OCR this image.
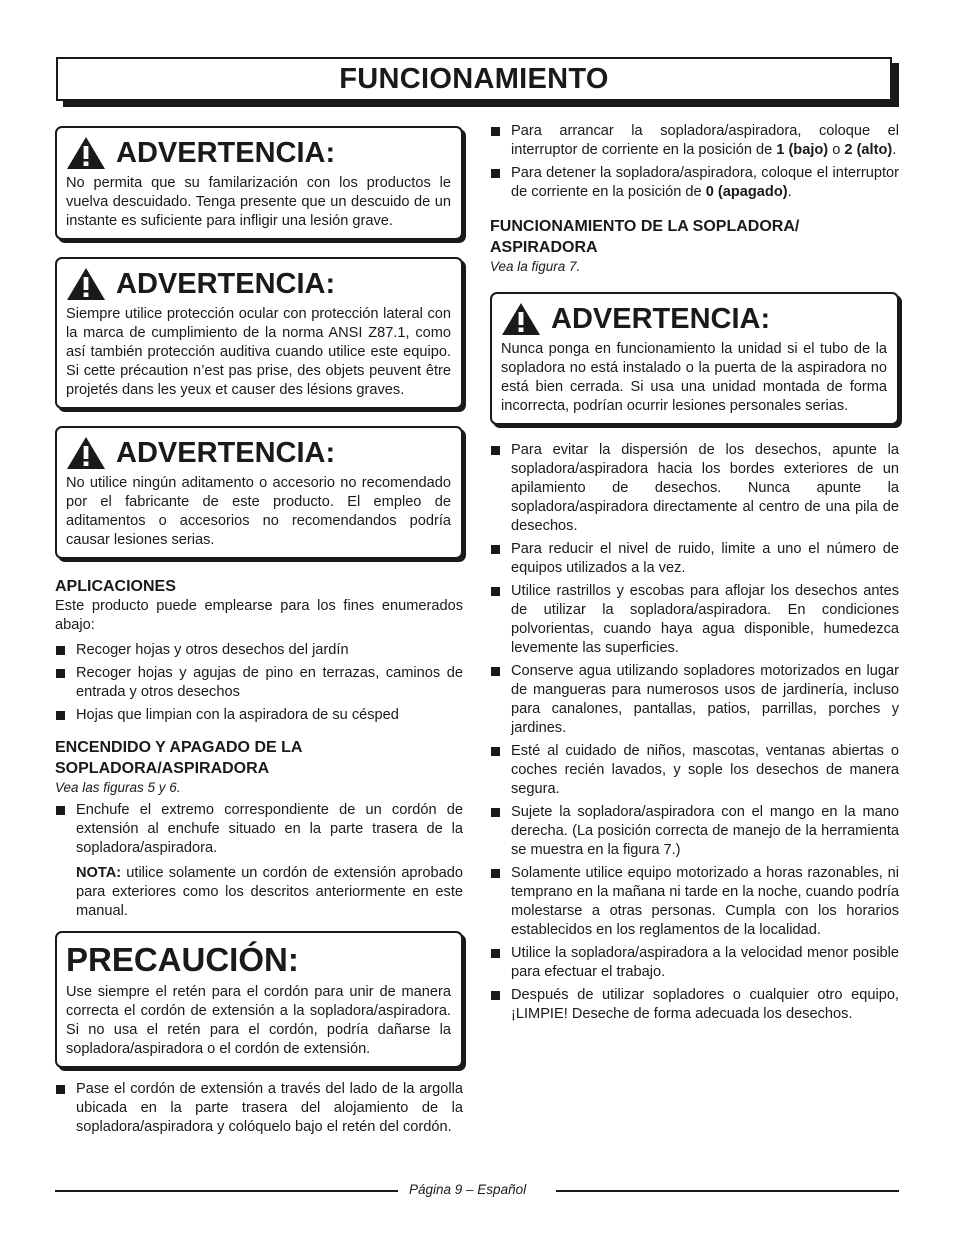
FUNCIONAMIENTO
ADVERTENCIA:
No permita que su familarización con los productos le vuelva descuidado. Tenga presente que un descuido de un instante es suficiente para infligir una lesión grave.
ADVERTENCIA:
Siempre utilice protección ocular con protección lateral con la marca de cumplimiento de la norma ANSI Z87.1, como así también protección auditiva cuando utilice este equipo. Si cette précaution n’est pas prise, des objets peuvent être projetés dans les yeux et causer des lésions graves.
ADVERTENCIA:
No utilice ningún aditamento o accesorio no recomendado por el fabricante de este producto. El empleo de aditamentos o accesorios no recomendandos podría causar lesiones serias.
APLICACIONES

Este producto puede emplearse para los fines enumerados abajo:

Recoger hojas y otros desechos del jardín
Recoger hojas y agujas de pino en terrazas, caminos de entrada y otros desechos
Hojas que limpian con la aspiradora de su césped
ENCENDIDO Y APAGADO DE LA
SOPLADORA/ASPIRADORA
Vea las figuras 5 y 6.
Enchufe el extremo correspondiente de un cordón de extensión al enchufe situado en la parte trasera de la sopladora/aspiradora.
NOTA: utilice solamente un cordón de extensión aprobado para exteriores como los descritos anteriormente en este manual.
PRECAUCIÓN:
Use siempre el retén para el cordón para unir de manera correcta el cordón de extensión a la sopladora/aspiradora. Si no usa el retén para el cordón, podría dañarse la sopladora/aspiradora o el cordón de extensión.
Pase el cordón de extensión a través del lado de la argolla ubicada en la parte trasera del alojamiento de la sopladora/aspiradora y colóquelo bajo el retén del cordón.
Para arrancar la sopladora/aspiradora, coloque el interruptor de corriente en la posición de 1 (bajo) o 2 (alto).
Para detener la sopladora/aspiradora, coloque el interruptor de corriente en la posición de 0 (apagado).
FUNCIONAMIENTO DE LA SOPLADORA/
ASPIRADORA
Vea la figura 7.
ADVERTENCIA:
Nunca ponga en funcionamiento la unidad si el tubo de la sopladora no está instalado o la puerta de la aspiradora no está bien cerrada. Si usa una unidad montada de forma incorrecta, podrían ocurrir lesiones personales serias.
Para evitar la dispersión de los desechos, apunte la sopladora/aspiradora hacia los bordes exteriores de un apilamiento de desechos. Nunca apunte la sopladora/aspiradora directamente al centro de una pila de desechos.
Para reducir el nivel de ruido, limite a uno el número de equipos utilizados a la vez.
Utilice rastrillos y escobas para aflojar los desechos antes de utilizar la sopladora/aspiradora. En condiciones polvorientas, cuando haya agua disponible, humedezca levemente las superficies.
Conserve agua utilizando sopladores motorizados en lugar de mangueras para numerosos usos de jardinería, incluso para canalones, pantallas, patios, parrillas, porches y jardines.
Esté al cuidado de niños, mascotas, ventanas abiertas o coches recién lavados, y sople los desechos de manera segura.
Sujete la sopladora/aspiradora con el mango en la mano derecha. (La posición correcta de manejo de la herramienta se muestra en la figura 7.)
Solamente utilice equipo motorizado a horas razonables, ni temprano en la mañana ni tarde en la noche, cuando podría molestarse a otras personas. Cumpla con los horarios establecidos en los reglamentos de la localidad.
Utilice la sopladora/aspiradora a la velocidad menor posible para efectuar el trabajo.
Después de utilizar sopladores o cualquier otro equipo, ¡LIMPIE! Deseche de forma adecuada los desechos.
Página 9 – Español
